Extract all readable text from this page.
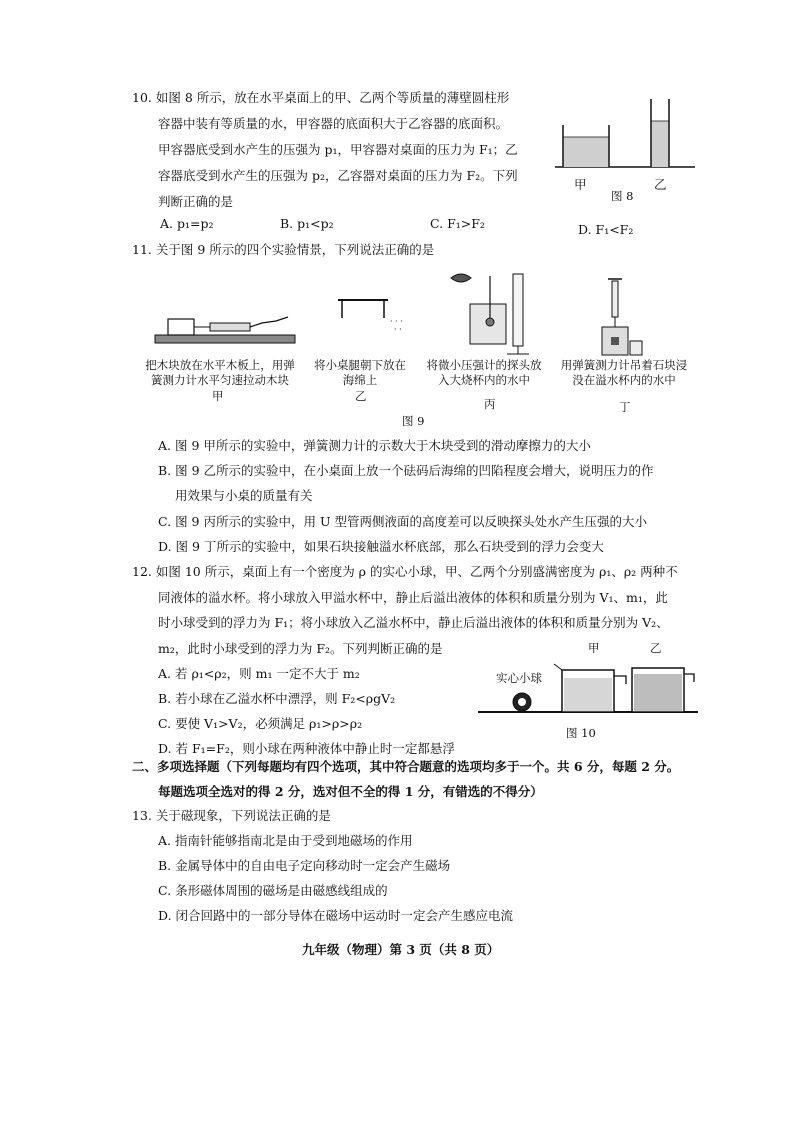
10. 如图 8 所示，放在水平桌面上的甲、乙两个等质量的薄壁圆柱形
容器中装有等质量的水，甲容器的底面积大于乙容器的底面积。
甲容器底受到水产生的压强为 p₁，甲容器对桌面的压力为 F₁；乙
容器底受到水产生的压强为 p₂，乙容器对桌面的压力为 F₂。下列
判断正确的是
A. p₁=p₂	B. p₁<p₂	C. F₁>F₂	D. F₁<F₂
甲	乙
图 8
11. 关于图 9 所示的四个实验情景，下列说法正确的是
· · ·
· ·
把木块放在水平木板上，用弹簧测力计水平匀速拉动木块
将小桌腿朝下放在海绵上
将微小压强计的探头放入大烧杯内的水中
用弹簧测力计吊着石块浸没在溢水杯内的水中
甲	乙
丙	丁
图 9
A. 图 9 甲所示的实验中，弹簧测力计的示数大于木块受到的滑动摩擦力的大小
B. 图 9 乙所示的实验中，在小桌面上放一个砝码后海绵的凹陷程度会增大，说明压力的作
用效果与小桌的质量有关
C. 图 9 丙所示的实验中，用 U 型管两侧液面的高度差可以反映探头处水产生压强的大小
D. 图 9 丁所示的实验中，如果石块接触溢水杯底部，那么石块受到的浮力会变大
12. 如图 10 所示，桌面上有一个密度为 ρ 的实心小球，甲、乙两个分别盛满密度为 ρ₁、ρ₂ 两种不
同液体的溢水杯。将小球放入甲溢水杯中，静止后溢出液体的体积和质量分别为 V₁、m₁，此
时小球受到的浮力为 F₁；将小球放入乙溢水杯中，静止后溢出液体的体积和质量分别为 V₂、
m₂，此时小球受到的浮力为 F₂。下列判断正确的是
A. 若 ρ₁<ρ₂，则 m₁ 一定不大于 m₂
B. 若小球在乙溢水杯中漂浮，则 F₂<ρgV₂
C. 要使 V₁>V₂，必须满足 ρ₁>ρ>ρ₂
D. 若 F₁=F₂，则小球在两种液体中静止时一定都悬浮
甲	乙
实心小球
图 10
二、多项选择题（下列每题均有四个选项，其中符合题意的选项均多于一个。共 6 分，每题 2 分。
每题选项全选对的得 2 分，选对但不全的得 1 分，有错选的不得分）
13. 关于磁现象，下列说法正确的是
A. 指南针能够指南北是由于受到地磁场的作用
B. 金属导体中的自由电子定向移动时一定会产生磁场
C. 条形磁体周围的磁场是由磁感线组成的
D. 闭合回路中的一部分导体在磁场中运动时一定会产生感应电流
九年级（物理）第 3 页（共 8 页）
